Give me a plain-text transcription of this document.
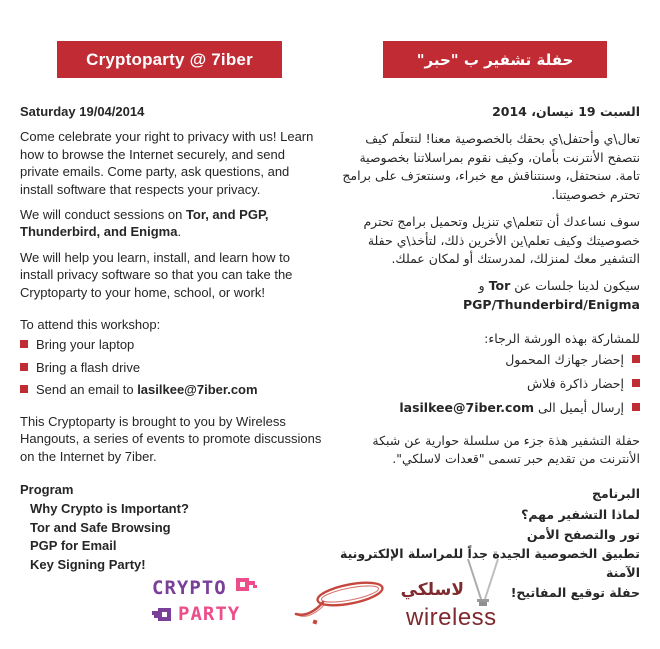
Cryptoparty @ 7iber	حفلة تشفير ب "حبر"

Saturday 19/04/2014

Come celebrate your right to privacy with us! Learn how to browse the Internet securely, and send private emails. Come party, ask questions, and install software that respects your privacy.

We will conduct sessions on Tor, and PGP, Thunderbird, and Enigma.

We will help you learn, install, and learn how to install privacy software so that you can take the Cryptoparty to your home, school, or work!

To attend this workshop:

Bring your laptop
Bring a flash drive
Send an email to lasilkee@7iber.com

This Cryptoparty is brought to you by Wireless Hangouts, a series of events to promote discussions on the Internet by 7iber.

Program

Why Crypto is Important?

Tor and Safe Browsing

PGP for Email

Key Signing Party!

السبت 19 نيسان، 2014

تعال\ي وأحتفل\ي بحقك بالخصوصية معنا! لنتعلَم كيف نتصفح الأنترنت بأمان، وكيف نقوم بمراسلاتنا بخصوصية تامة. سنحتفل، وسنتناقش مع خبراء، وسنتعرَف على برامج تحترم خصوصيتنا.

سوف نساعدك أن تتعلم\ي تنزيل وتحميل برامج تحترم خصوصيتك وكيف تعلم\ين الأخرين ذلك، لتأخذ\ي حفلة التشفير معك لمنزلك، لمدرستك أو لمكان عملك.

سيكون لدينا جلسات عن Tor و PGP/Thunderbird/Enigma

للمشاركة بهذه الورشة الرجاء:

إحضار جهازك المحمول
إحضار ذاكرة فلاش
إرسال أيميل الى lasilkee@7iber.com

حفلة التشفير هذة جزء من سلسلة حوارية عن شبكة الأنترنت من تقديم حبر تسمى "قعدات لاسلكي".

البرنامج

لماذا التشفير مهم؟

تور والتصفح الأمن

تطبيق الخصوصية الجيدة جداً للمراسلة الإلكترونية الآمنة

حفلة توقيع المفاتيح!

CRYPTO
PARTY
لاسلكي
wireless
